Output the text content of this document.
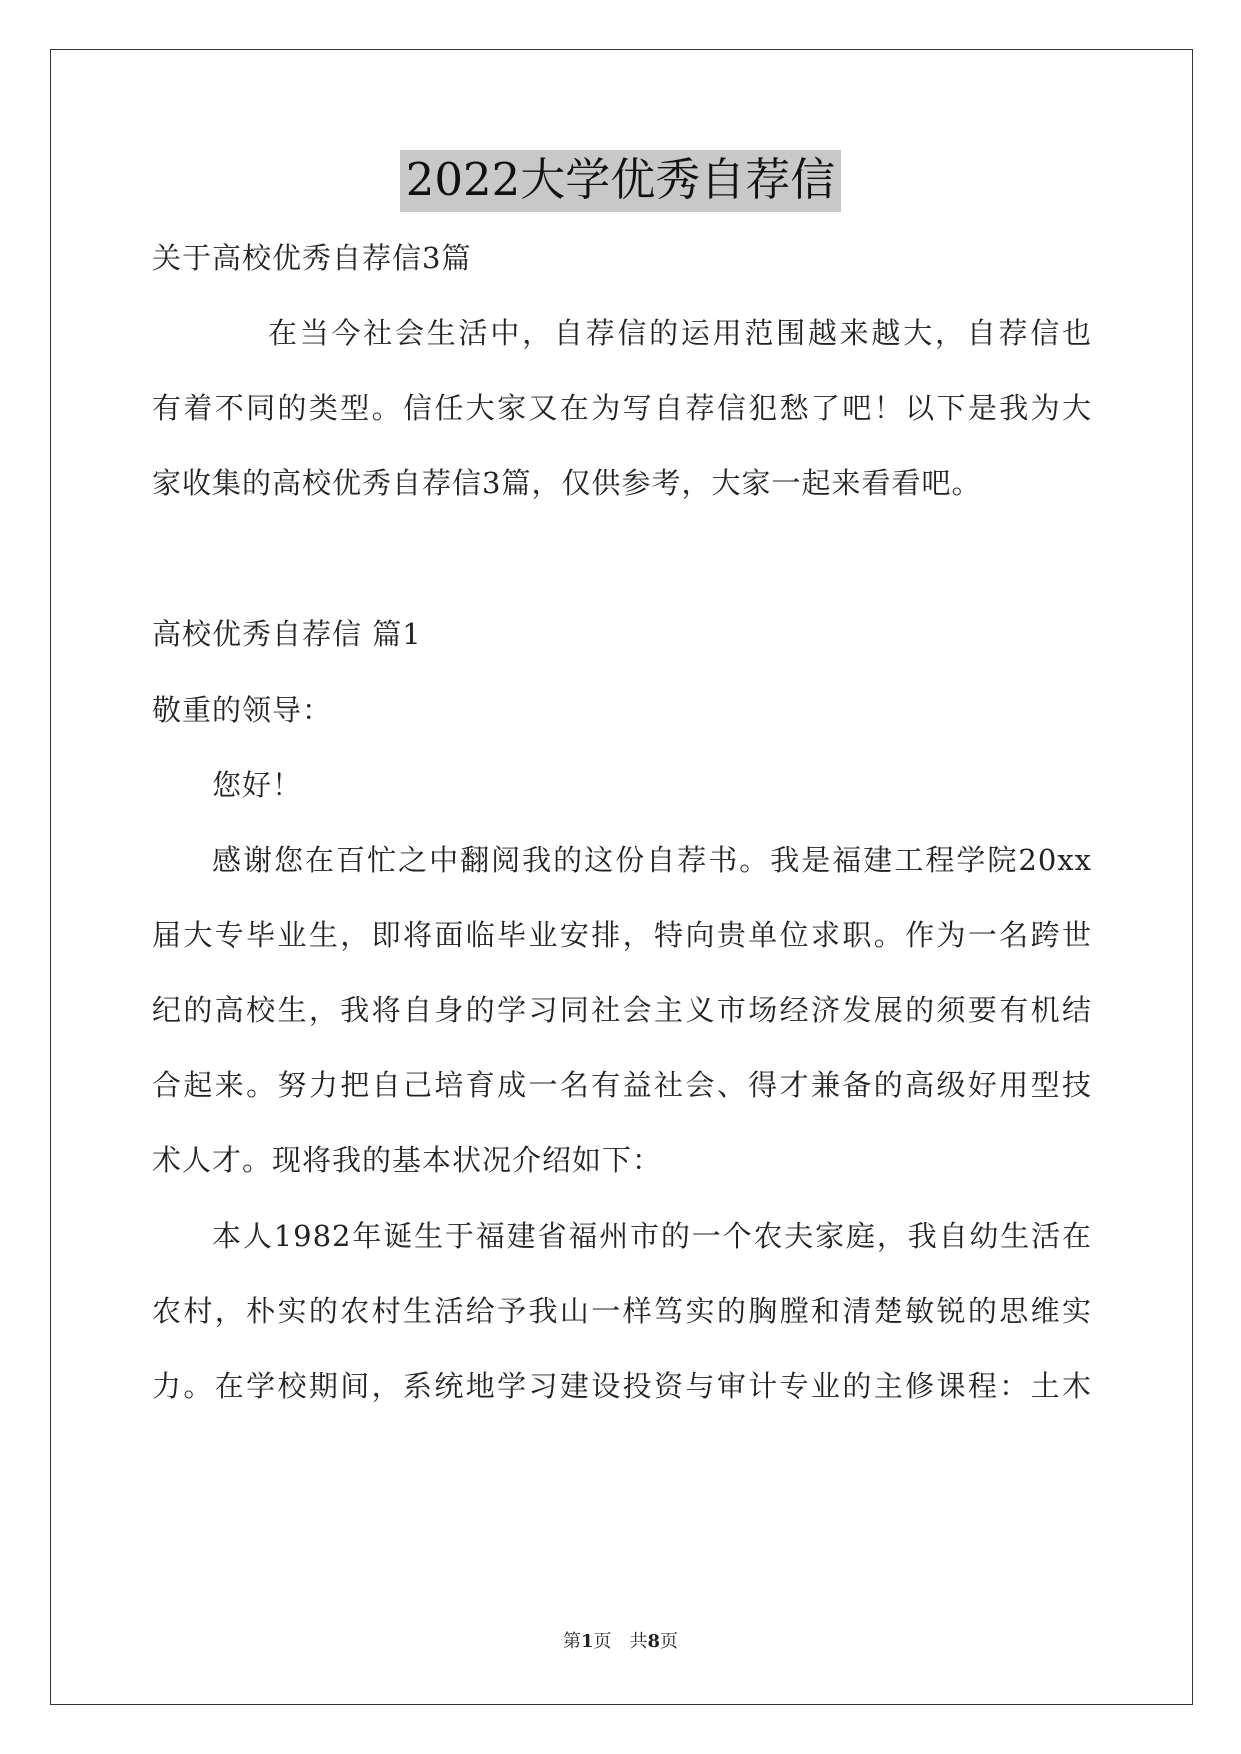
2022大学优秀自荐信
关于高校优秀自荐信3篇
在当今社会生活中，自荐信的运用范围越来越大，自荐信也
有着不同的类型。信任大家又在为写自荐信犯愁了吧！以下是我为大
家收集的高校优秀自荐信3篇，仅供参考，大家一起来看看吧。
高校优秀自荐信 篇1
敬重的领导：
您好！
感谢您在百忙之中翻阅我的这份自荐书。我是福建工程学院20xx
届大专毕业生，即将面临毕业安排，特向贵单位求职。作为一名跨世
纪的高校生，我将自身的学习同社会主义市场经济发展的须要有机结
合起来。努力把自己培育成一名有益社会、得才兼备的高级好用型技
术人才。现将我的基本状况介绍如下：
本人1982年诞生于福建省福州市的一个农夫家庭，我自幼生活在
农村，朴实的农村生活给予我山一样笃实的胸膛和清楚敏锐的思维实
力。在学校期间，系统地学习建设投资与审计专业的主修课程：土木
第1页　共8页
